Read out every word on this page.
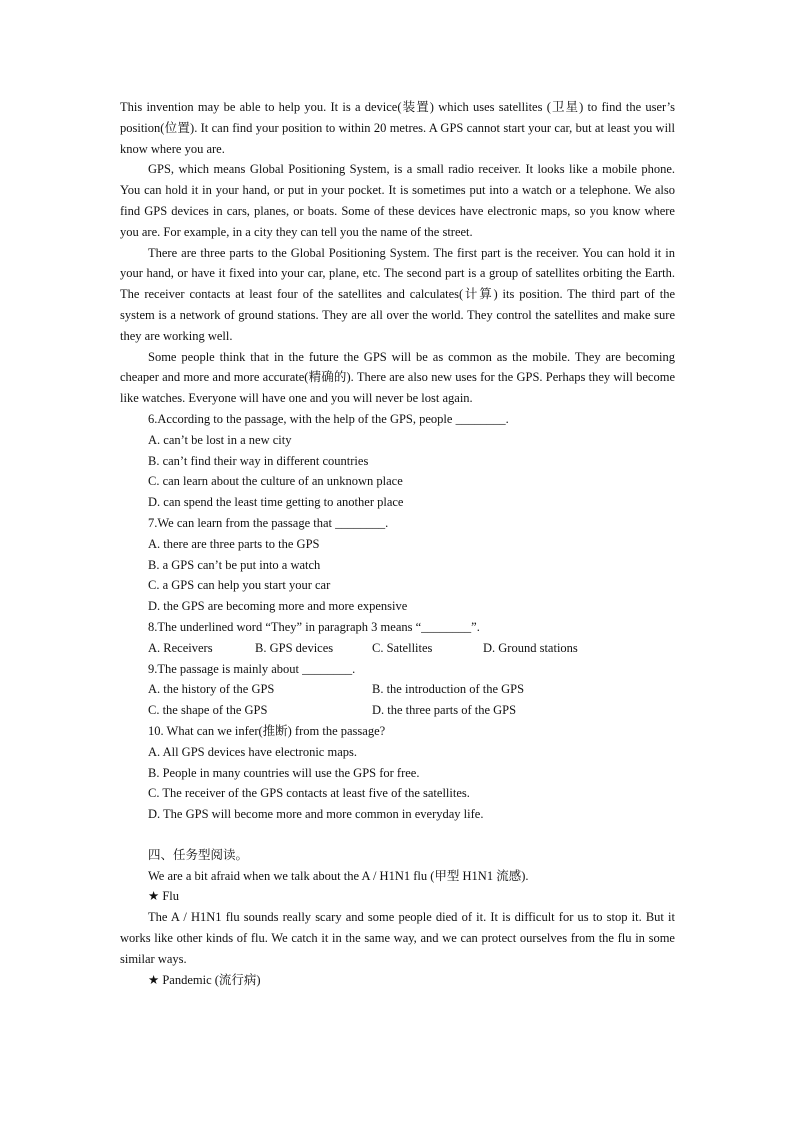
This invention may be able to help you. It is a device(装置) which uses satellites (卫星) to find the user’s position(位置). It can find your position to within 20 metres. A GPS cannot start your car, but at least you will know where you are.

GPS, which means Global Positioning System, is a small radio receiver. It looks like a mobile phone. You can hold it in your hand, or put in your pocket. It is sometimes put into a watch or a telephone. We also find GPS devices in cars, planes, or boats. Some of these devices have electronic maps, so you know where you are. For example, in a city they can tell you the name of the street.

There are three parts to the Global Positioning System. The first part is the receiver. You can hold it in your hand, or have it fixed into your car, plane, etc. The second part is a group of satellites orbiting the Earth. The receiver contacts at least four of the satellites and calculates(计算) its position. The third part of the system is a network of ground stations. They are all over the world. They control the satellites and make sure they are working well.

Some people think that in the future the GPS will be as common as the mobile. They are becoming cheaper and more and more accurate(精确的). There are also new uses for the GPS. Perhaps they will become like watches. Everyone will have one and you will never be lost again.

6.According to the passage, with the help of the GPS, people ________.

A. can’t be lost in a new city

B. can’t find their way in different countries

C. can learn about the culture of an unknown place

D. can spend the least time getting to another place

7.We can learn from the passage that ________.

A. there are three parts to the GPS

B. a GPS can’t be put into a watch

C. a GPS can help you start your car

D. the GPS are becoming more and more expensive

8.The underlined word “They” in paragraph 3 means “________”.

A. Receivers	B. GPS devices	C. Satellites	D. Ground stations

9.The passage is mainly about ________.

A. the history of the GPS	B. the introduction of the GPS
C. the shape of the GPS	D. the three parts of the GPS

10. What can we infer(推断) from the passage?

A. All GPS devices have electronic maps.

B. People in many countries will use the GPS for free.

C. The receiver of the GPS contacts at least five of the satellites.

D. The GPS will become more and more common in everyday life.

四、任务型阅读。

We are a bit afraid when we talk about the A / H1N1 flu (甲型 H1N1 流感).

★ Flu

The A / H1N1 flu sounds really scary and some people died of it. It is difficult for us to stop it. But it works like other kinds of flu. We catch it in the same way, and we can protect ourselves from the flu in some similar ways.

★ Pandemic (流行病)
